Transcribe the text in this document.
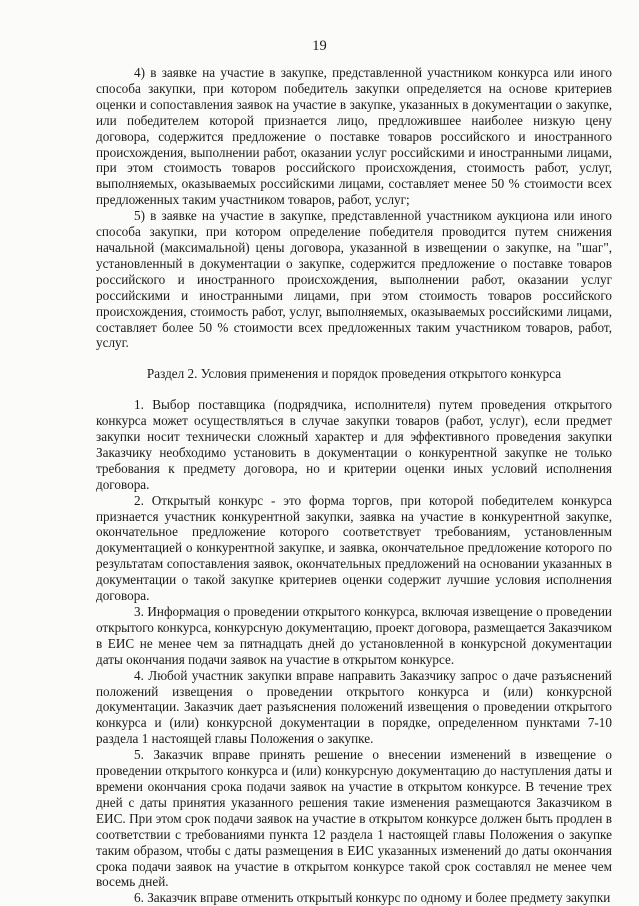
19

4) в заявке на участие в закупке, представленной участником конкурса или иного способа закупки, при котором победитель закупки определяется на основе критериев оценки и сопоставления заявок на участие в закупке, указанных в документации о закупке, или победителем которой признается лицо, предложившее наиболее низкую цену договора, содержится предложение о поставке товаров российского и иностранного происхождения, выполнении работ, оказании услуг российскими и иностранными лицами, при этом стоимость товаров российского происхождения, стоимость работ, услуг, выполняемых, оказываемых российскими лицами, составляет менее 50 % стоимости всех предложенных таким участником товаров, работ, услуг;

5) в заявке на участие в закупке, представленной участником аукциона или иного способа закупки, при котором определение победителя проводится путем снижения начальной (максимальной) цены договора, указанной в извещении о закупке, на "шаг", установленный в документации о закупке, содержится предложение о поставке товаров российского и иностранного происхождения, выполнении работ, оказании услуг российскими и иностранными лицами, при этом стоимость товаров российского происхождения, стоимость работ, услуг, выполняемых, оказываемых российскими лицами, составляет более 50 % стоимости всех предложенных таким участником товаров, работ, услуг.

Раздел 2. Условия применения и порядок проведения открытого конкурса

1. Выбор поставщика (подрядчика, исполнителя) путем проведения открытого конкурса может осуществляться в случае закупки товаров (работ, услуг), если предмет закупки носит технически сложный характер и для эффективного проведения закупки Заказчику необходимо установить в документации о конкурентной закупке не только требования к предмету договора, но и критерии оценки иных условий исполнения договора.

2. Открытый конкурс - это форма торгов, при которой победителем конкурса признается участник конкурентной закупки, заявка на участие в конкурентной закупке, окончательное предложение которого соответствует требованиям, установленным документацией о конкурентной закупке, и заявка, окончательное предложение которого по результатам сопоставления заявок, окончательных предложений на основании указанных в документации о такой закупке критериев оценки содержит лучшие условия исполнения договора.

3. Информация о проведении открытого конкурса, включая извещение о проведении открытого конкурса, конкурсную документацию, проект договора, размещается Заказчиком в ЕИС не менее чем за пятнадцать дней до установленной в конкурсной документации даты окончания подачи заявок на участие в открытом конкурсе.

4. Любой участник закупки вправе направить Заказчику запрос о даче разъяснений положений извещения о проведении открытого конкурса и (или) конкурсной документации. Заказчик дает разъяснения положений извещения о проведении открытого конкурса и (или) конкурсной документации в порядке, определенном пунктами 7-10 раздела 1 настоящей главы Положения о закупке.

5. Заказчик вправе принять решение о внесении изменений в извещение о проведении открытого конкурса и (или) конкурсную документацию до наступления даты и времени окончания срока подачи заявок на участие в открытом конкурсе. В течение трех дней с даты принятия указанного решения такие изменения размещаются Заказчиком в ЕИС. При этом срок подачи заявок на участие в открытом конкурсе должен быть продлен в соответствии с требованиями пункта 12 раздела 1 настоящей главы Положения о закупке таким образом, чтобы с даты размещения в ЕИС указанных изменений до даты окончания срока подачи заявок на участие в открытом конкурсе такой срок составлял не менее чем восемь дней.

6. Заказчик вправе отменить открытый конкурс по одному и более предмету закупки
